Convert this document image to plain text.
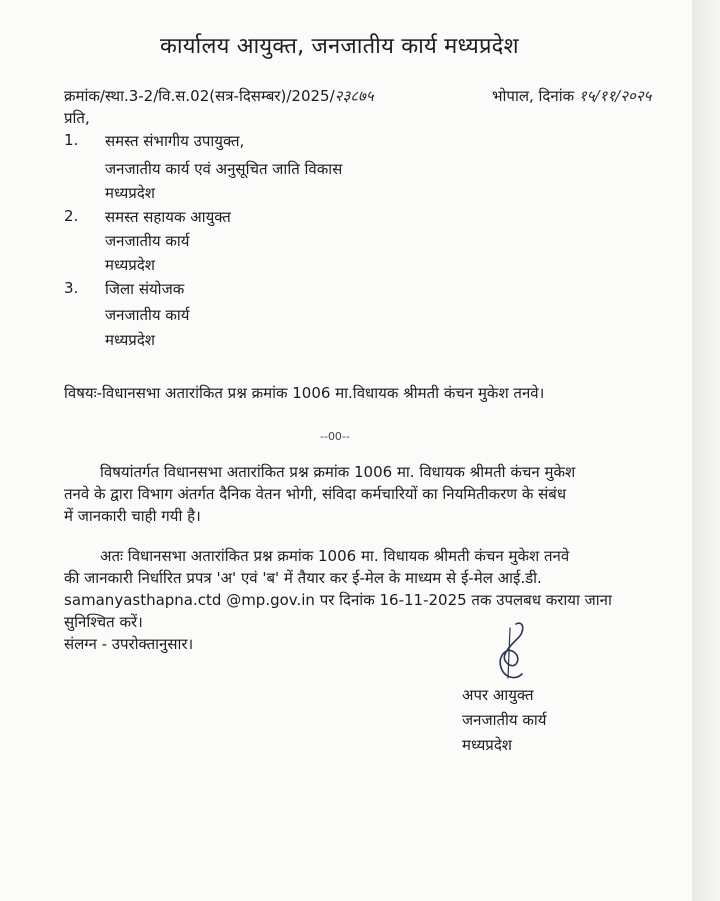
कार्यालय आयुक्त, जनजातीय कार्य मध्यप्रदेश
क्रमांक/स्था.3-2/वि.स.02(सत्र-दिसम्बर)/2025/२३८७५	भोपाल, दिनांक १५/११/२०२५
प्रति,
1. समस्त संभागीय उपायुक्त,
जनजातीय कार्य एवं अनुसूचित जाति विकास
मध्यप्रदेश
2. समस्त सहायक आयुक्त
जनजातीय कार्य
मध्यप्रदेश
3. जिला संयोजक
जनजातीय कार्य
मध्यप्रदेश
विषयः-विधानसभा अतारांकित प्रश्न क्रमांक 1006 मा.विधायक श्रीमती कंचन मुकेश तनवे।
--00--
विषयांतर्गत विधानसभा अतारांकित प्रश्न क्रमांक 1006 मा. विधायक श्रीमती कंचन मुकेश
तनवे के द्वारा विभाग अंतर्गत दैनिक वेतन भोगी, संविदा कर्मचारियों का नियमितीकरण के संबंध
में जानकारी चाही गयी है।
अतः विधानसभा अतारांकित प्रश्न क्रमांक 1006 मा. विधायक श्रीमती कंचन मुकेश तनवे
की जानकारी निर्धारित प्रपत्र 'अ' एवं 'ब' में तैयार कर ई-मेल के माध्यम से ई-मेल आई.डी.
samanyasthapna.ctd @mp.gov.in पर दिनांक 16-11-2025 तक उपलबध कराया जाना
सुनिश्चित करें।
संलग्न - उपरोक्तानुसार।
अपर आयुक्त
जनजातीय कार्य
मध्यप्रदेश
